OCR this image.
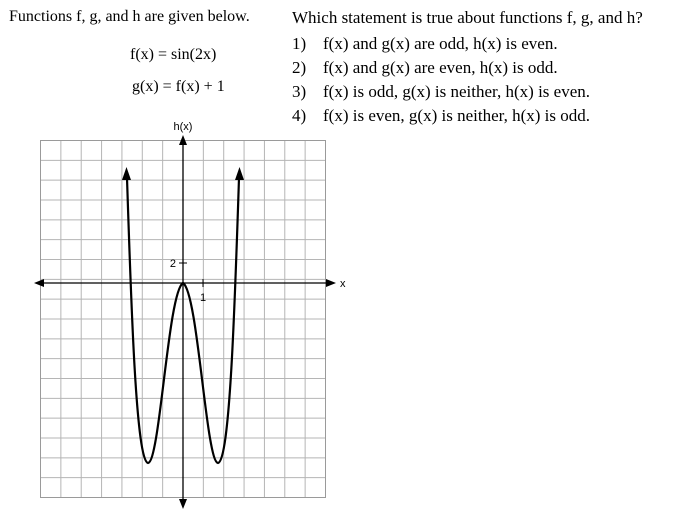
Functions f, g, and h are given below.
f(x) = sin(2x)
g(x) = f(x) + 1
Which statement is true about functions f, g, and h?
1) f(x) and g(x) are odd, h(x) is even.
2) f(x) and g(x) are even, h(x) is odd.
3) f(x) is odd, g(x) is neither, h(x) is even.
4) f(x) is even, g(x) is neither, h(x) is odd.
h(x)
x
2
1
